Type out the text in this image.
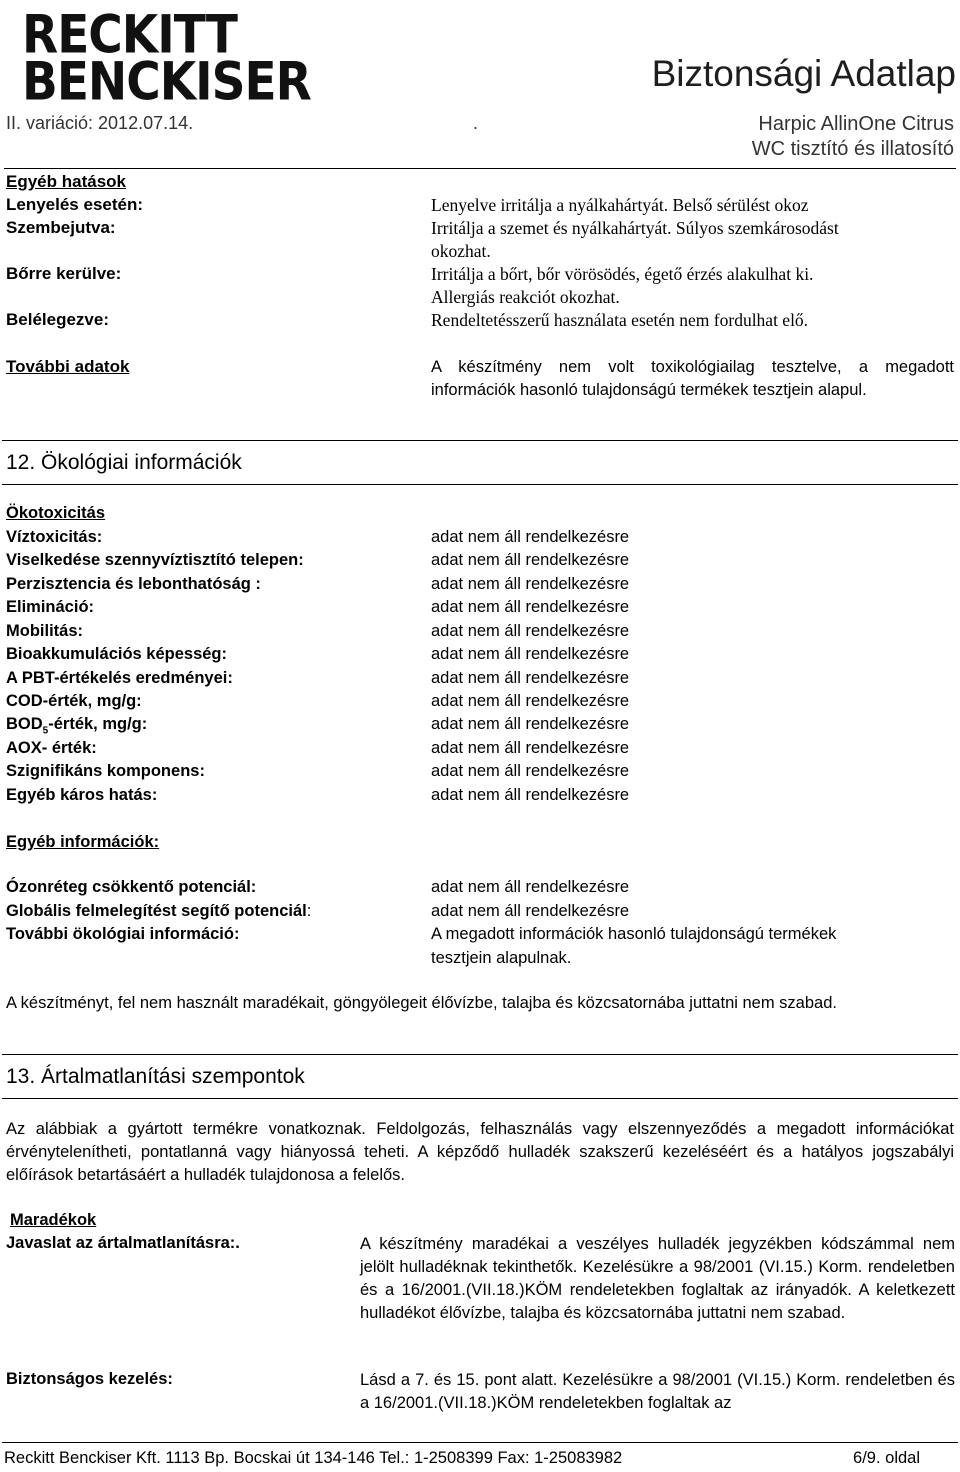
RECKITT
BENCKISER	Biztonsági Adatlap
II. variáció: 2012.07.14.	.	Harpic AllinOne Citrus
WC tisztító és illatosító
Egyéb hatások
Lenyelés esetén:	Lenyelve irritálja a nyálkahártyát. Belső sérülést okoz
Szembejutva:	Irritálja a szemet és nyálkahártyát. Súlyos szemkárosodást
okozhat.
Bőrre kerülve:	Irritálja a bőrt, bőr vörösödés, égető érzés alakulhat ki.
Allergiás reakciót okozhat.
Belélegezve:	Rendeltetésszerű használata esetén nem fordulhat elő.
További adatok	A készítmény nem volt toxikológiailag tesztelve, a megadott információk hasonló tulajdonságú termékek tesztjein alapul.
12. Ökológiai információk
Ökotoxicitás
Víztoxicitás:	adat nem áll rendelkezésre
Viselkedése szennyvíztisztító telepen:	adat nem áll rendelkezésre
Perzisztencia és lebonthatóság :	adat nem áll rendelkezésre
Elimináció:	adat nem áll rendelkezésre
Mobilitás:	adat nem áll rendelkezésre
Bioakkumulációs képesség:	adat nem áll rendelkezésre
A PBT-értékelés eredményei:	adat nem áll rendelkezésre
COD-érték, mg/g:	adat nem áll rendelkezésre
$BOD_5$-érték, mg/g:	adat nem áll rendelkezésre
AOX- érték:	adat nem áll rendelkezésre
Szignifikáns komponens:	adat nem áll rendelkezésre
Egyéb káros hatás:	adat nem áll rendelkezésre
Egyéb információk:
Ózonréteg csökkentő potenciál:	adat nem áll rendelkezésre
Globális felmelegítést segítő potenciál:	adat nem áll rendelkezésre
További ökológiai információ:	A megadott információk hasonló tulajdonságú termékek
tesztjein alapulnak.
A készítményt, fel nem használt maradékait, göngyölegeit élővízbe, talajba és közcsatornába juttatni nem szabad.
13. Ártalmatlanítási szempontok
Az alábbiak a gyártott termékre vonatkoznak. Feldolgozás, felhasználás vagy elszennyeződés a megadott információkat érvénytelenítheti, pontatlanná vagy hiányossá teheti. A képződő hulladék szakszerű kezeléséért és a hatályos jogszabályi előírások betartásáért a hulladék tulajdonosa a felelős.
Maradékok
Javaslat az ártalmatlanításra:.	A készítmény maradékai a veszélyes hulladék jegyzékben kódszámmal nem jelölt hulladéknak tekinthetők. Kezelésükre a 98/2001 (VI.15.) Korm. rendeletben és a 16/2001.(VII.18.)KÖM rendeletekben foglaltak az irányadók. A keletkezett hulladékot élővízbe, talajba és közcsatornába juttatni nem szabad.
Biztonságos kezelés:	Lásd a 7. és 15. pont alatt. Kezelésükre a 98/2001 (VI.15.) Korm. rendeletben és a 16/2001.(VII.18.)KÖM rendeletekben foglaltak az
Reckitt Benckiser Kft. 1113 Bp. Bocskai út 134-146 Tel.: 1-2508399 Fax: 1-25083982	6/9. oldal
